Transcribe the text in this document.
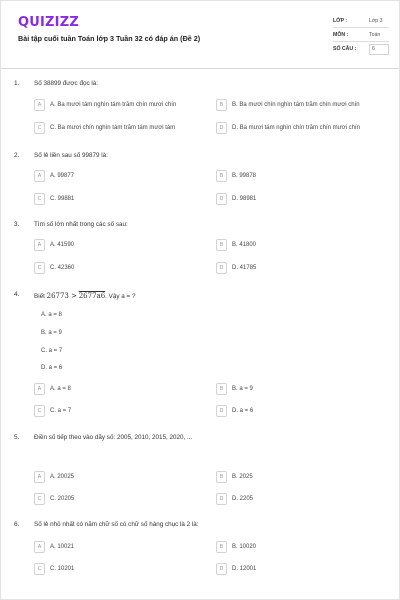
QUIZIZZ
Bài tập cuối tuần Toán lớp 3 Tuần 32 có đáp án (Đề 2)
LỚP :	Lớp 3
MÔN :	Toán
SỐ CÂU :	6
1. Số 38899 được đọc là:
A	A. Ba mươi tám nghìn tám trăm chín mươi chín	B	B. Ba mươi chín nghìn tám trăm chín mươi chín
C	C. Ba mươi chín nghìn tám trăm tám mươi tám	D	D. Ba mươi tám nghìn chín trăm chín mươi chín
2. Số lẻ liền sau số 99879 là:
A	A. 99877	B	B. 99878
C	C. 99881	D	D. 98981
3. Tìm số lớn nhất trong các số sau:
A	A. 41590	B	B. 41800
C	C. 42360	D	D. 41785
4. Biết 26773 > 2677a6. Vậy a = ?
A. a = 8
B. a = 9
C. a = 7
D. a = 6
A	A. a = 8	B	B. a = 9
C	C. a = 7	D	D. a = 6
5. Điền số tiếp theo vào dãy số: 2005, 2010, 2015, 2020, ...
A	A. 20025	B	B. 2025
C	C. 20205	D	D. 2205
6. Số lẻ nhỏ nhất có năm chữ số có chữ số hàng chục là 2 là:
A	A. 10021	B	B. 10020
C	C. 10201	D	D. 12001
